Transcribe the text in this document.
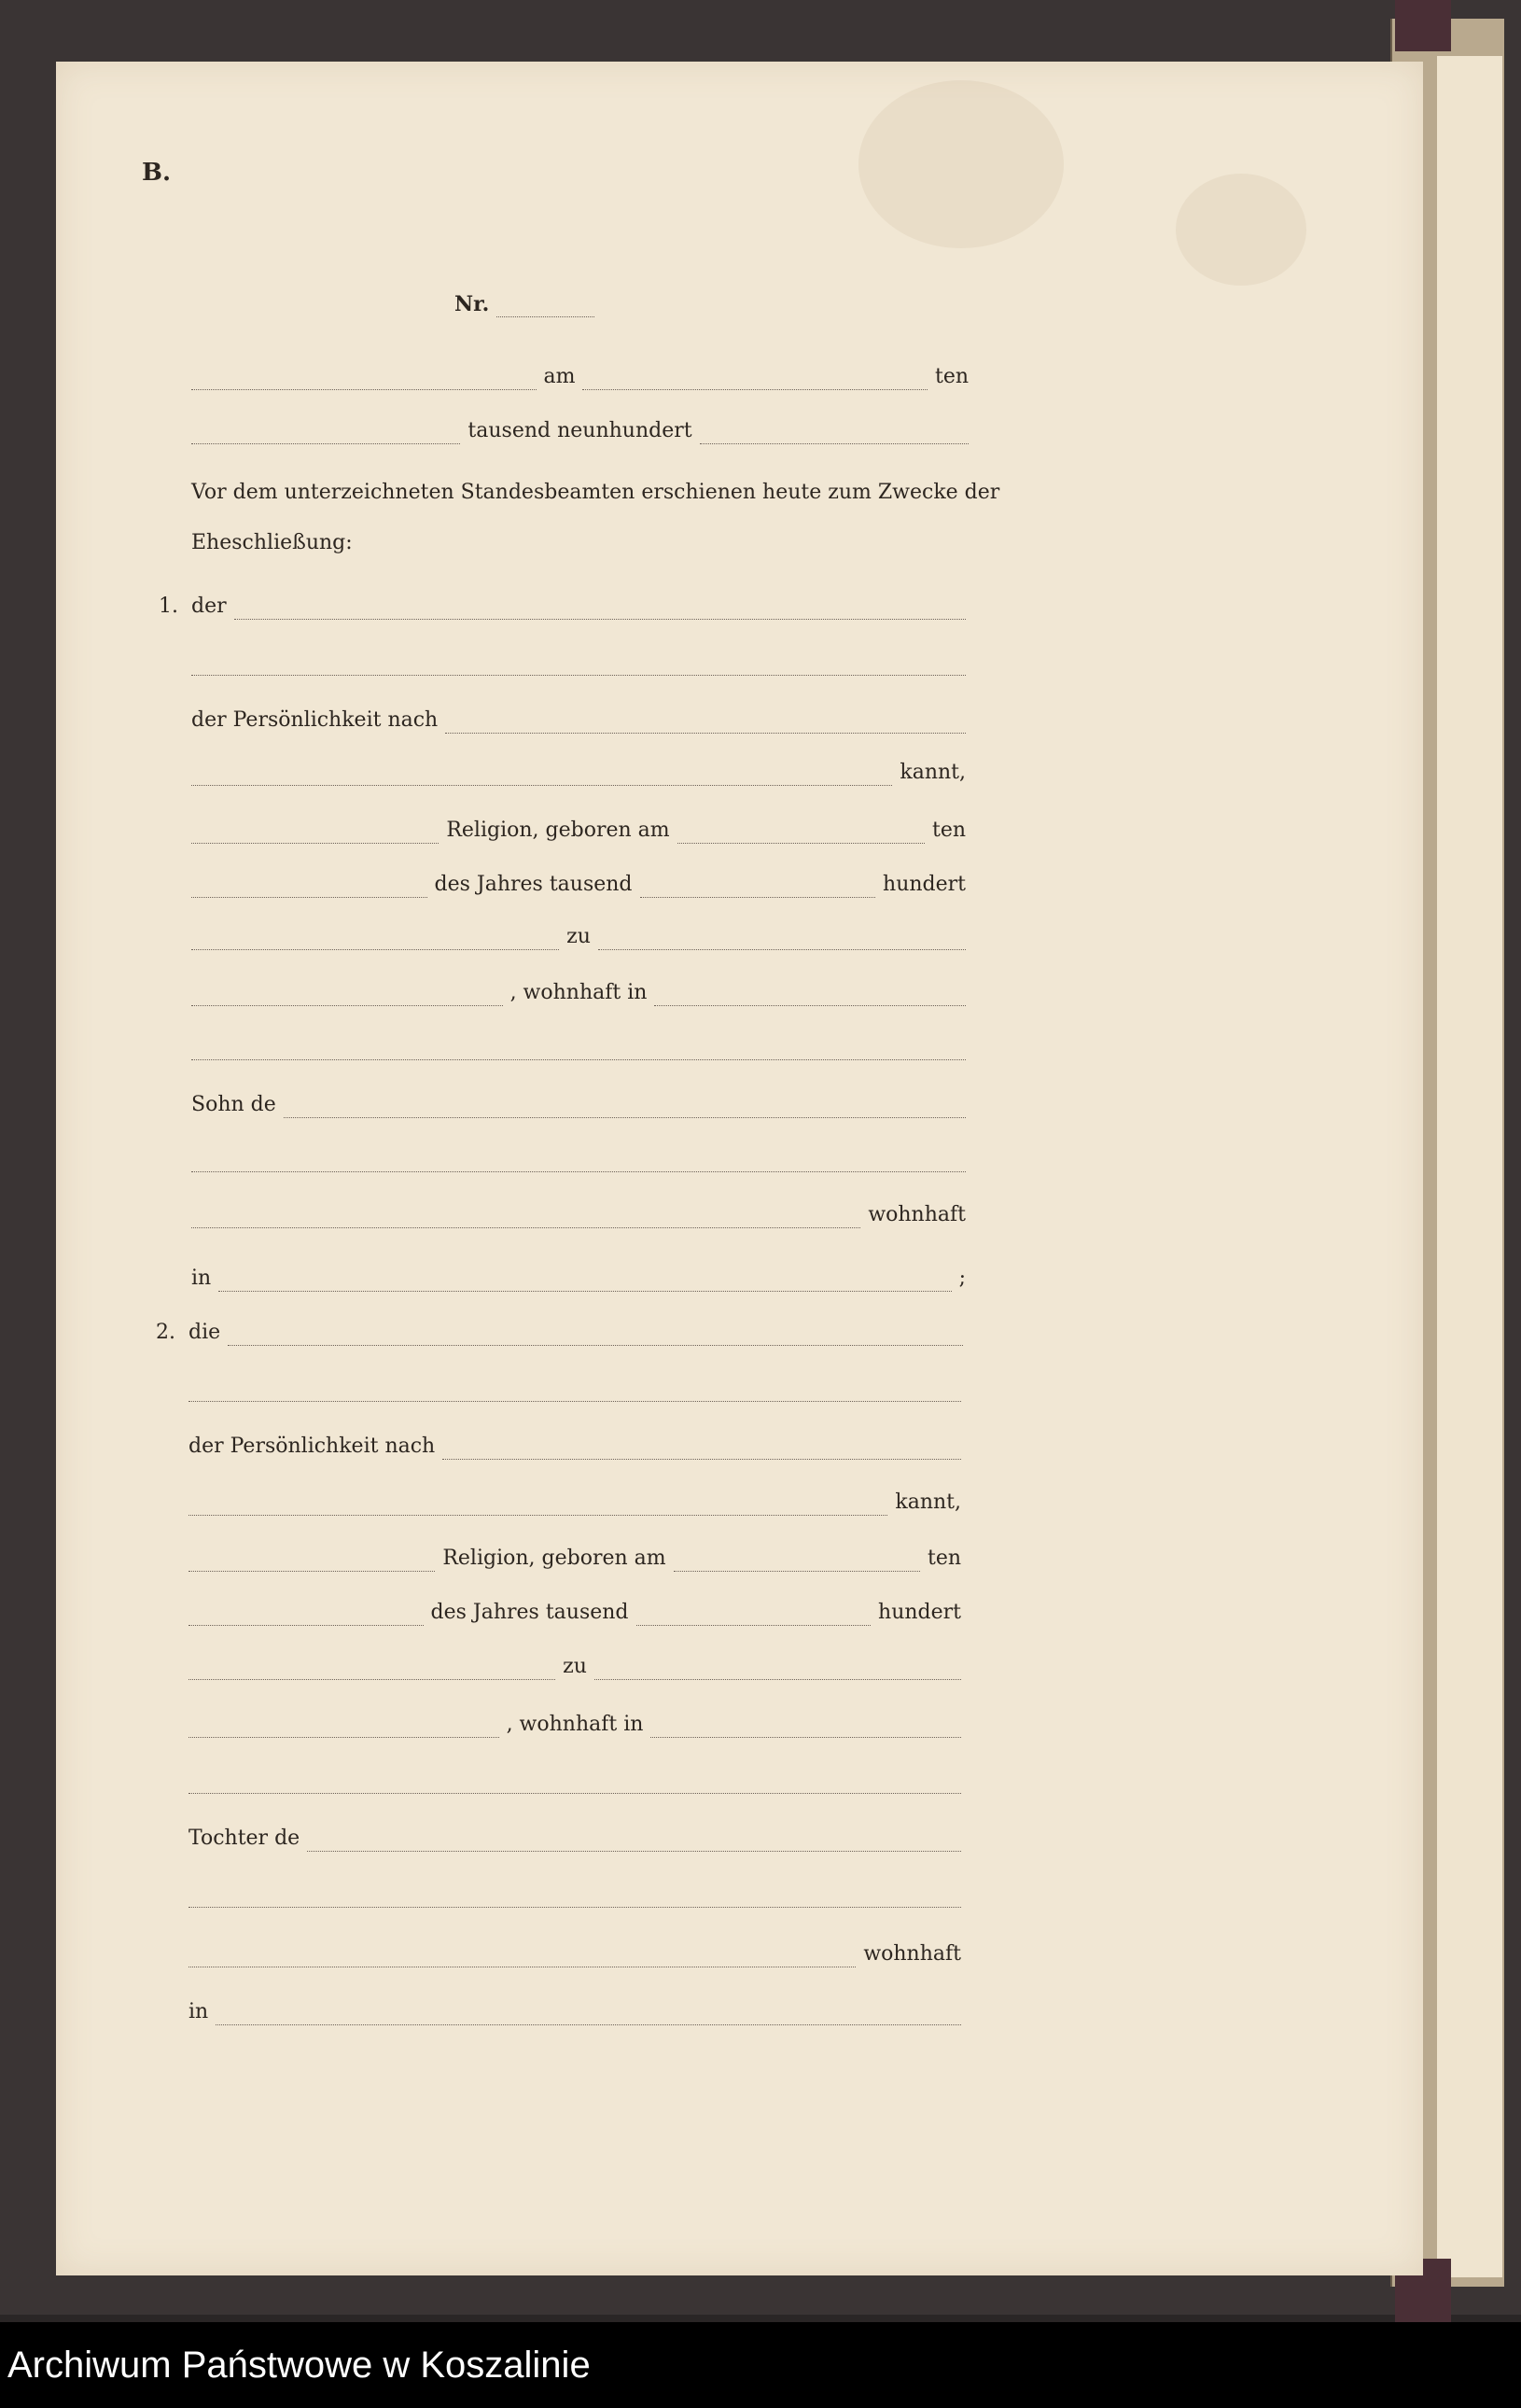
B.
Nr.
am	ten
tausend neunhundert
Vor dem unterzeichneten Standesbeamten erschienen heute zum Zwecke der
Eheschließung:
1. der
der Persönlichkeit nach
kannt,
Religion, geboren am	ten
des Jahres tausend	hundert
zu
, wohnhaft in
Sohn de
wohnhaft
in	;
2. die
der Persönlichkeit nach
kannt,
Religion, geboren am	ten
des Jahres tausend	hundert
zu
, wohnhaft in
Tochter de
wohnhaft
in
Archiwum Państwowe w Koszalinie
